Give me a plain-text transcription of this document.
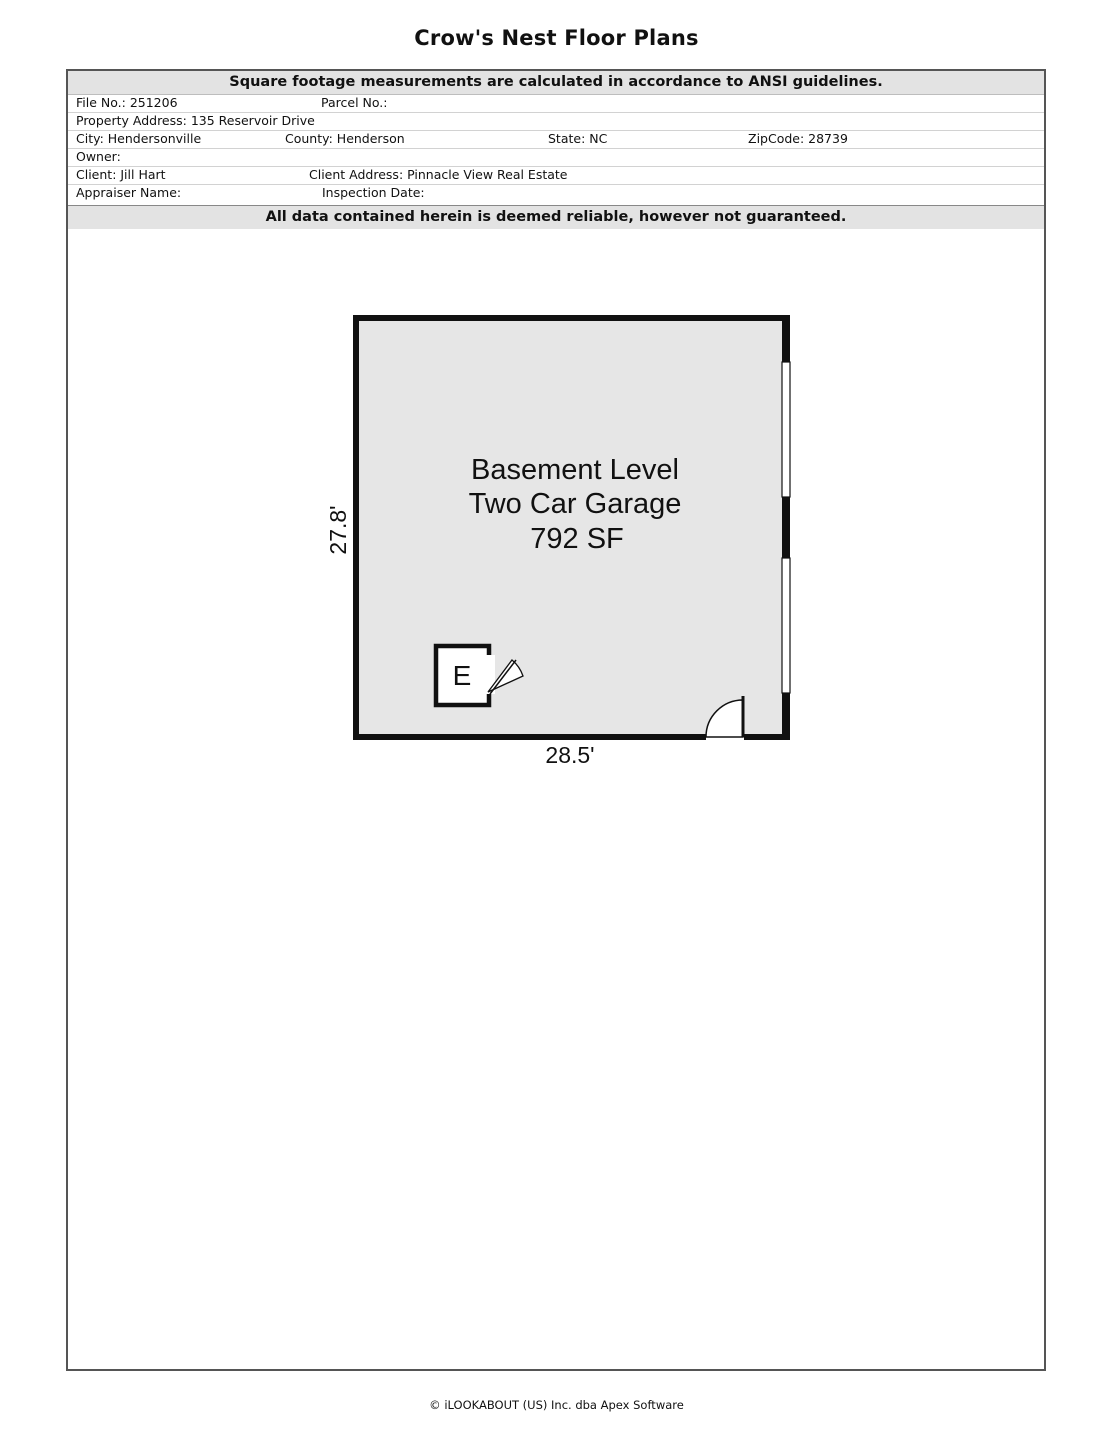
Crow's Nest Floor Plans
Square footage measurements are calculated in accordance to ANSI guidelines.
File No.: 251206	Parcel No.:
Property Address: 135 Reservoir Drive
City: Hendersonville	County: Henderson	State: NC	ZipCode: 28739
Owner:
Client: Jill Hart	Client Address: Pinnacle View Real Estate
Appraiser Name:	Inspection Date:
All data contained herein is deemed reliable, however not guaranteed.
E
Basement Level
Two Car Garage
792 SF
28.5'
27.8'
© iLOOKABOUT (US) Inc. dba Apex Software
